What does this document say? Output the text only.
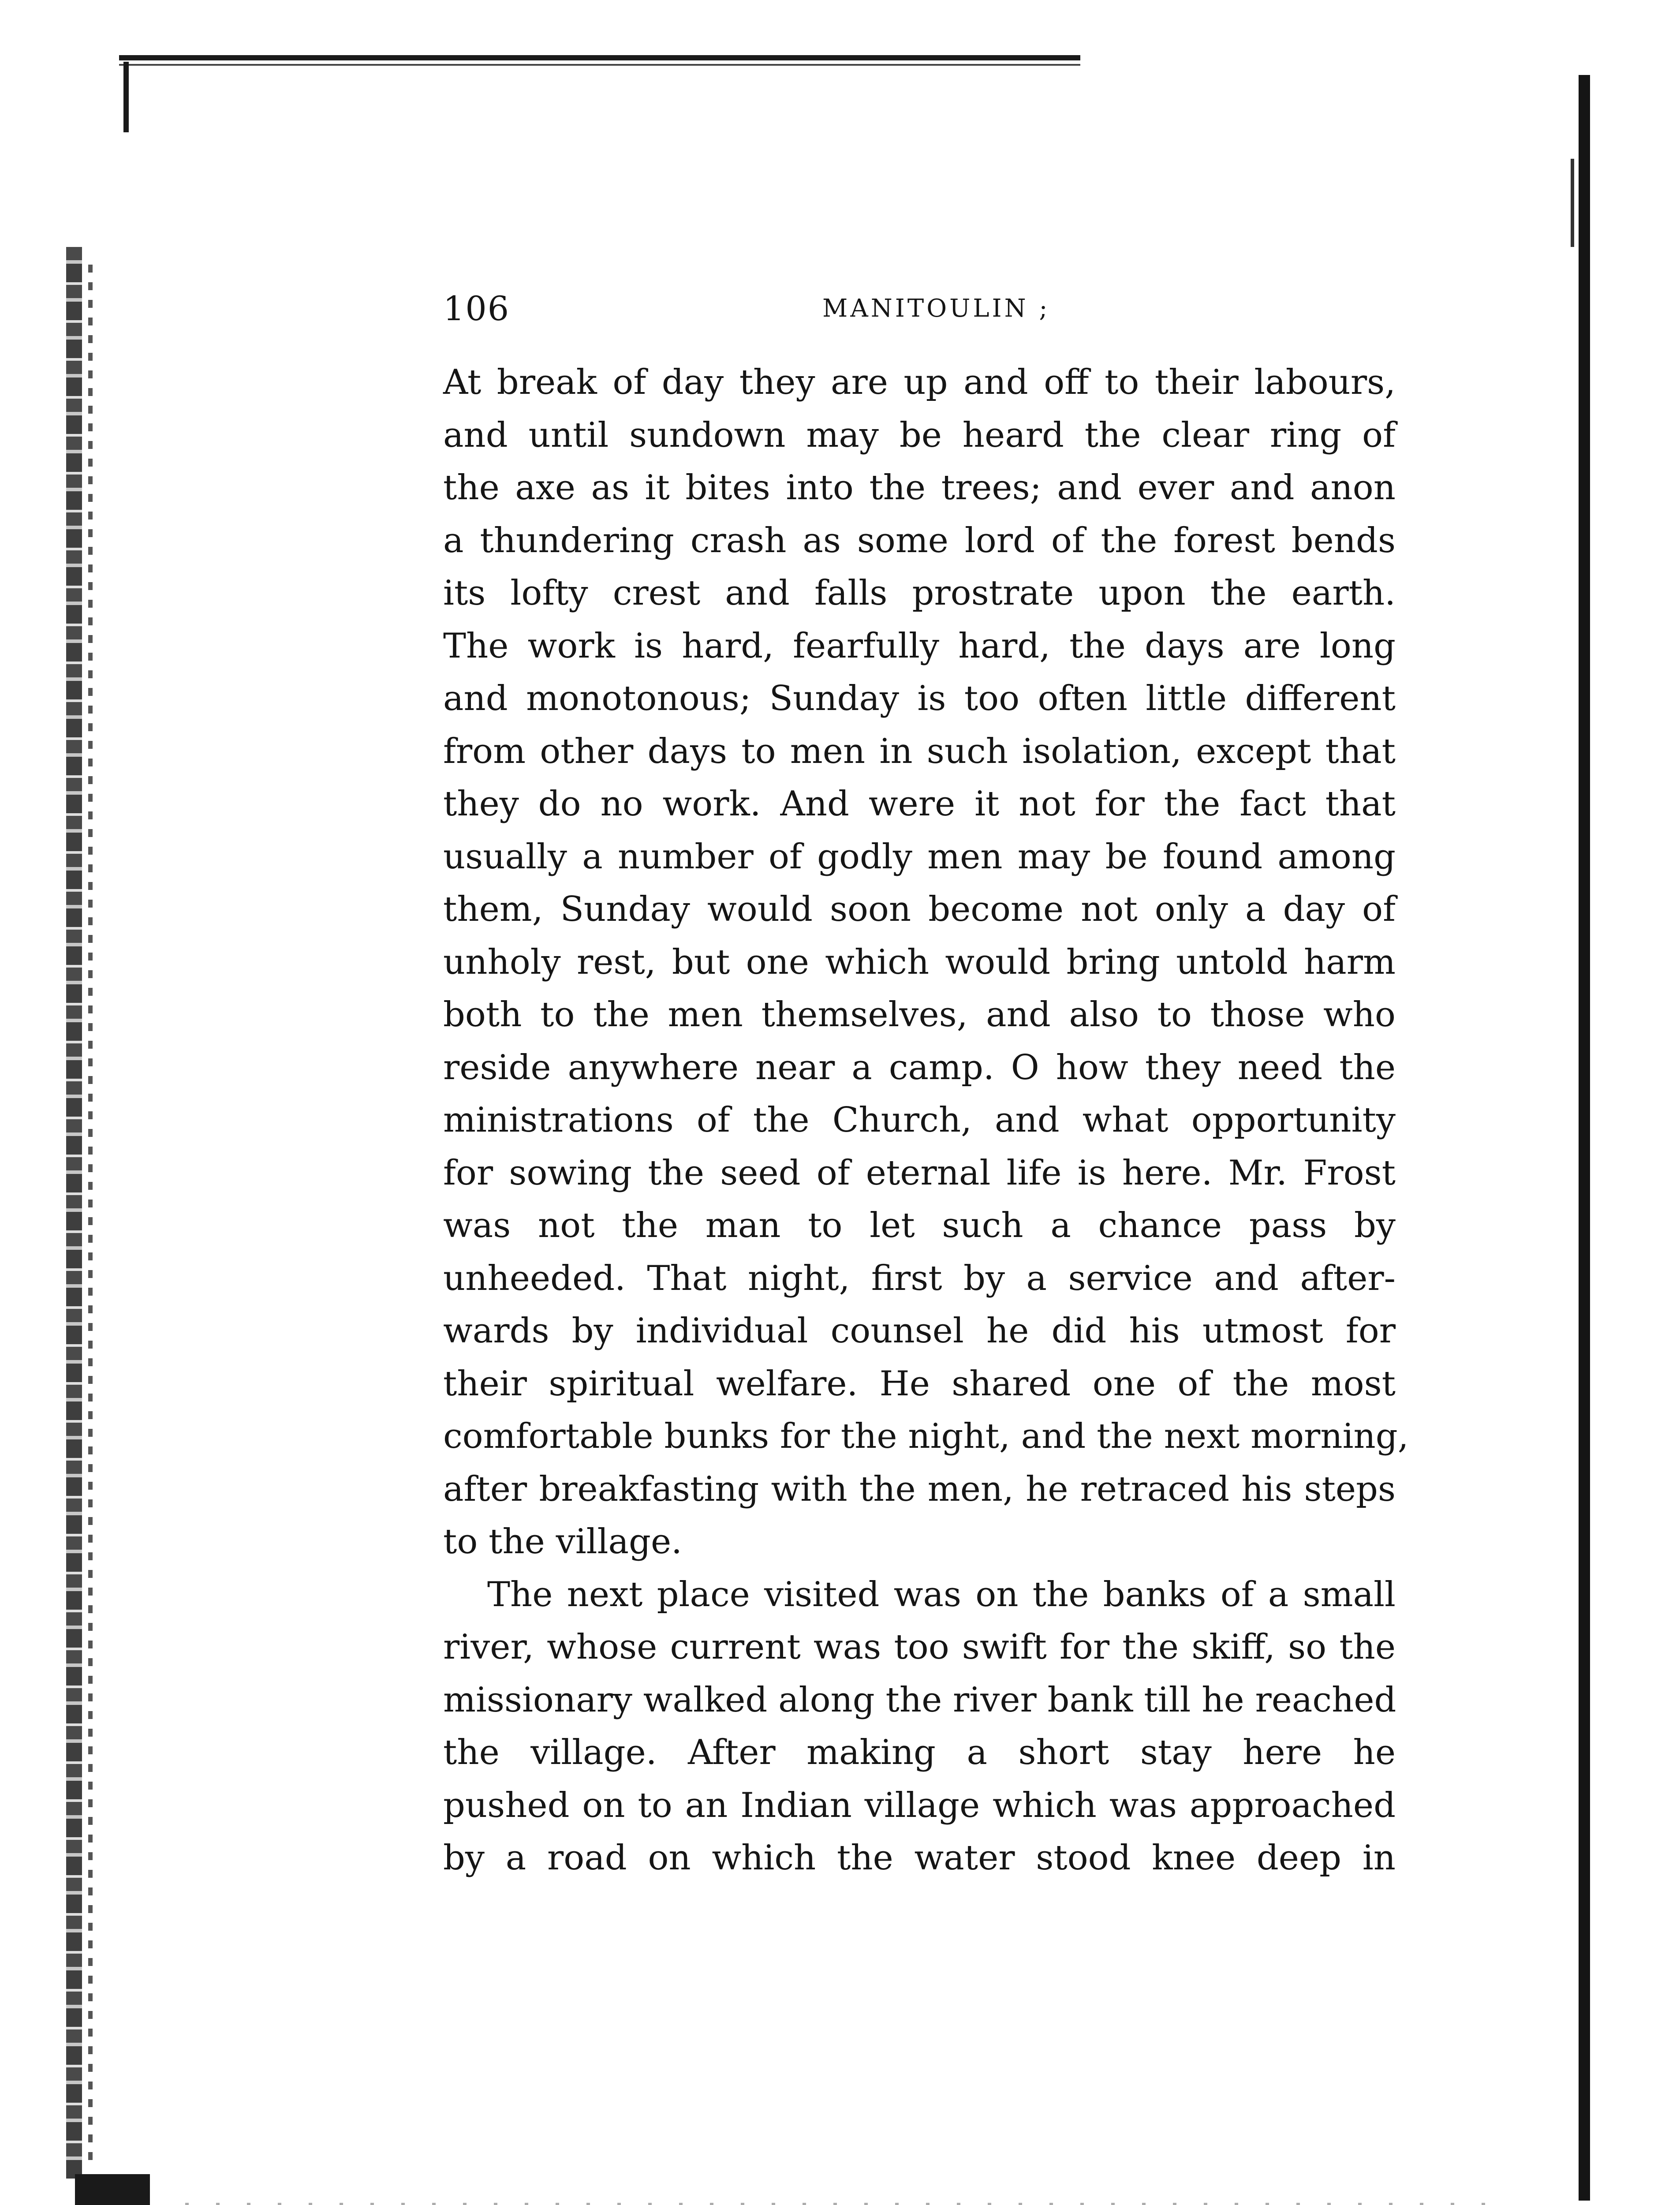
106	MANITOULIN ;
At break of day they are up and off to their labours,
and until sundown may be heard the clear ring of
the axe as it bites into the trees; and ever and anon
a thundering crash as some lord of the forest bends
its lofty crest and falls prostrate upon the earth.
The work is hard, fearfully hard, the days are long
and monotonous; Sunday is too often little different
from other days to men in such isolation, except that
they do no work. And were it not for the fact that
usually a number of godly men may be found among
them, Sunday would soon become not only a day of
unholy rest, but one which would bring untold harm
both to the men themselves, and also to those who
reside anywhere near a camp. O how they need the
ministrations of the Church, and what opportunity
for sowing the seed of eternal life is here. Mr. Frost
was not the man to let such a chance pass by
unheeded. That night, first by a service and after-
wards by individual counsel he did his utmost for
their spiritual welfare. He shared one of the most
comfortable bunks for the night, and the next morning,
after breakfasting with the men, he retraced his steps
to the village.
The next place visited was on the banks of a small
river, whose current was too swift for the skiff, so the
missionary walked along the river bank till he reached
the village. After making a short stay here he
pushed on to an Indian village which was approached
by a road on which the water stood knee deep in
